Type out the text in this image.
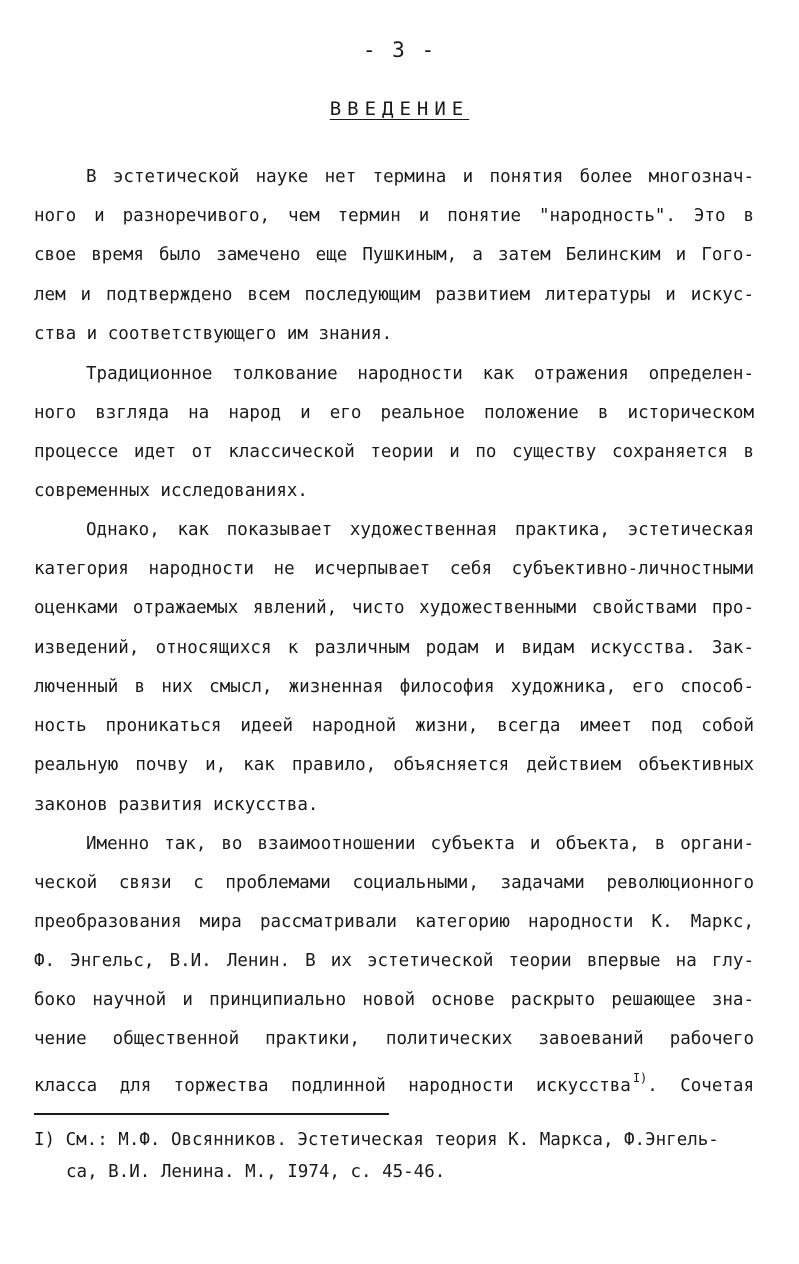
- 3 -
ВВЕДЕНИЕ
В эстетической науке нет термина и понятия более многознач-
ного и разноречивого, чем термин и понятие "народность". Это в
свое время было замечено еще Пушкиным, а затем Белинским и Гого-
лем и подтверждено всем последующим развитием литературы и искус-
ства и соответствующего им знания.
Традиционное толкование народности как отражения определен-
ного взгляда на народ и его реальное положение в историческом
процессе идет от классической теории и по существу сохраняется в
современных исследованиях.
Однако, как показывает художественная практика, эстетическая
категория народности не исчерпывает себя субъективно-личностными
оценками отражаемых явлений, чисто художественными свойствами про-
изведений, относящихся к различным родам и видам искусства. Зак-
люченный в них смысл, жизненная философия художника, его способ-
ность проникаться идеей народной жизни, всегда имеет под собой
реальную почву и, как правило, объясняется действием объективных
законов развития искусства.
Именно так, во взаимоотношении субъекта и объекта, в органи-
ческой связи с проблемами социальными, задачами революционного
преобразования мира рассматривали категорию народности К. Маркс,
Ф. Энгельс, В.И. Ленин. В их эстетической теории впервые на глу-
боко научной и принципиально новой основе раскрыто решающее зна-
чение общественной практики, политических завоеваний рабочего
класса для торжества подлинной народности искусства $^{I)}$. Сочетая
I) См.: М.Ф. Овсянников. Эстетическая теория К. Маркса, Ф.Энгель-
са, В.И. Ленина. М., I974, с. 45-46.
